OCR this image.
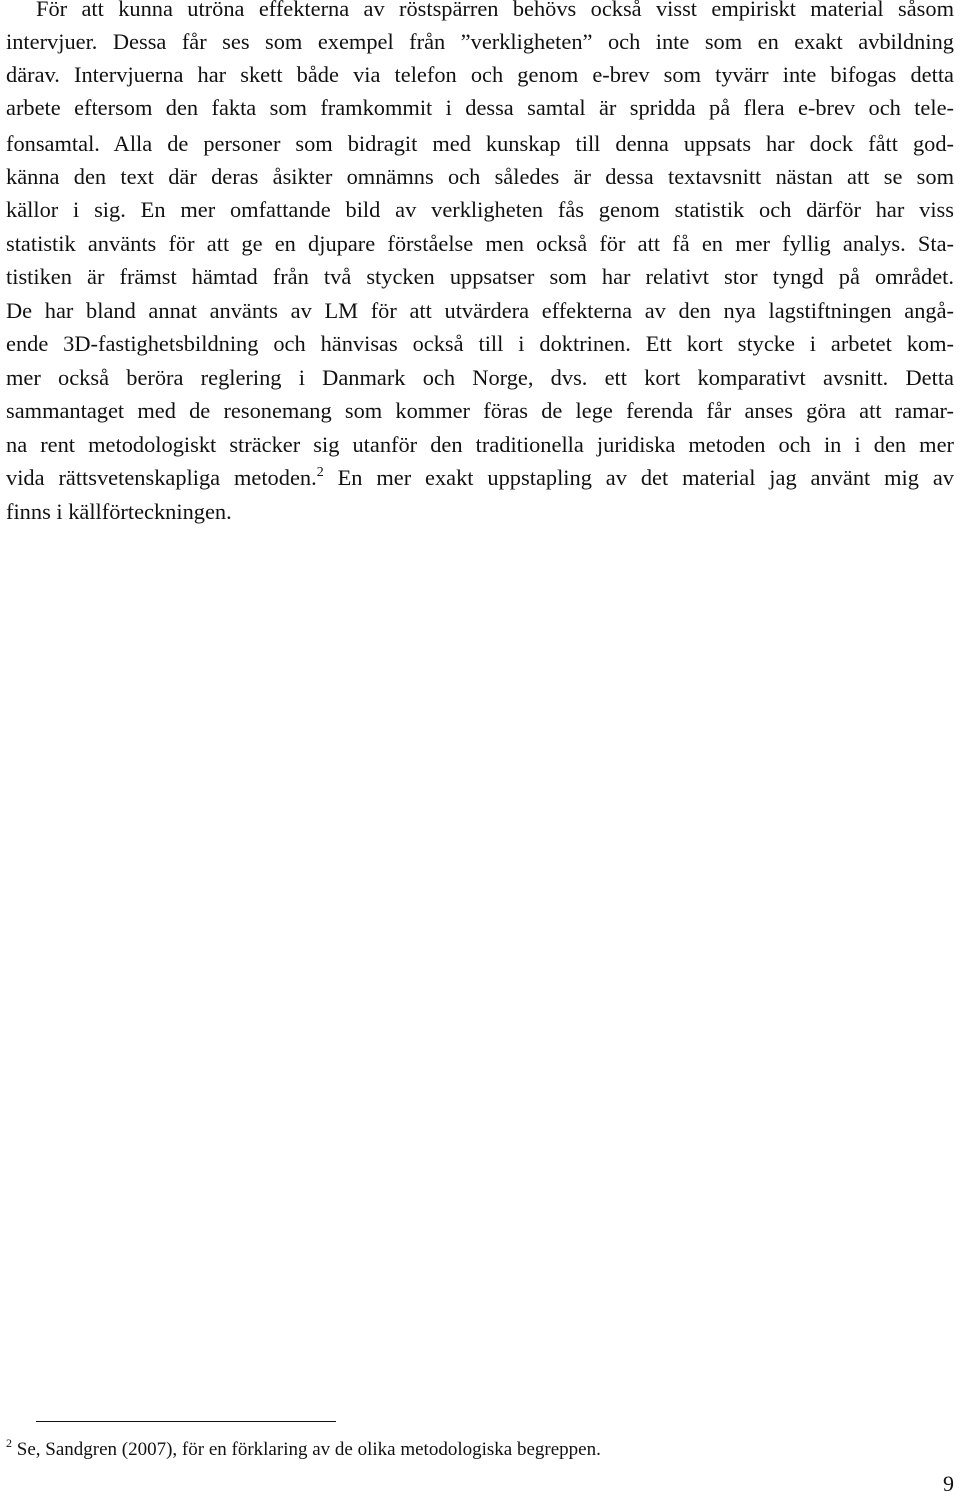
För att kunna utröna effekterna av röstspärren behövs också visst empiriskt material såsom
intervjuer. Dessa får ses som exempel från ”verkligheten” och inte som en exakt avbildning
därav. Intervjuerna har skett både via telefon och genom e-brev som tyvärr inte bifogas detta
arbete eftersom den fakta som framkommit i dessa samtal är spridda på flera e-brev och tele-
fonsamtal. Alla de personer som bidragit med kunskap till denna uppsats har dock fått god-
känna den text där deras åsikter omnämns och således är dessa textavsnitt nästan att se som
källor i sig. En mer omfattande bild av verkligheten fås genom statistik och därför har viss
statistik använts för att ge en djupare förståelse men också för att få en mer fyllig analys. Sta-
tistiken är främst hämtad från två stycken uppsatser som har relativt stor tyngd på området.
De har bland annat använts av LM för att utvärdera effekterna av den nya lagstiftningen angå-
ende 3D-fastighetsbildning och hänvisas också till i doktrinen. Ett kort stycke i arbetet kom-
mer också beröra reglering i Danmark och Norge, dvs. ett kort komparativt avsnitt. Detta
sammantaget med de resonemang som kommer föras de lege ferenda får anses göra att ramar-
na rent metodologiskt sträcker sig utanför den traditionella juridiska metoden och in i den mer
vida rättsvetenskapliga metoden.$^2$ En mer exakt uppstapling av det material jag använt mig av
finns i källförteckningen.
$^2$ Se, Sandgren (2007), för en förklaring av de olika metodologiska begreppen.
9
